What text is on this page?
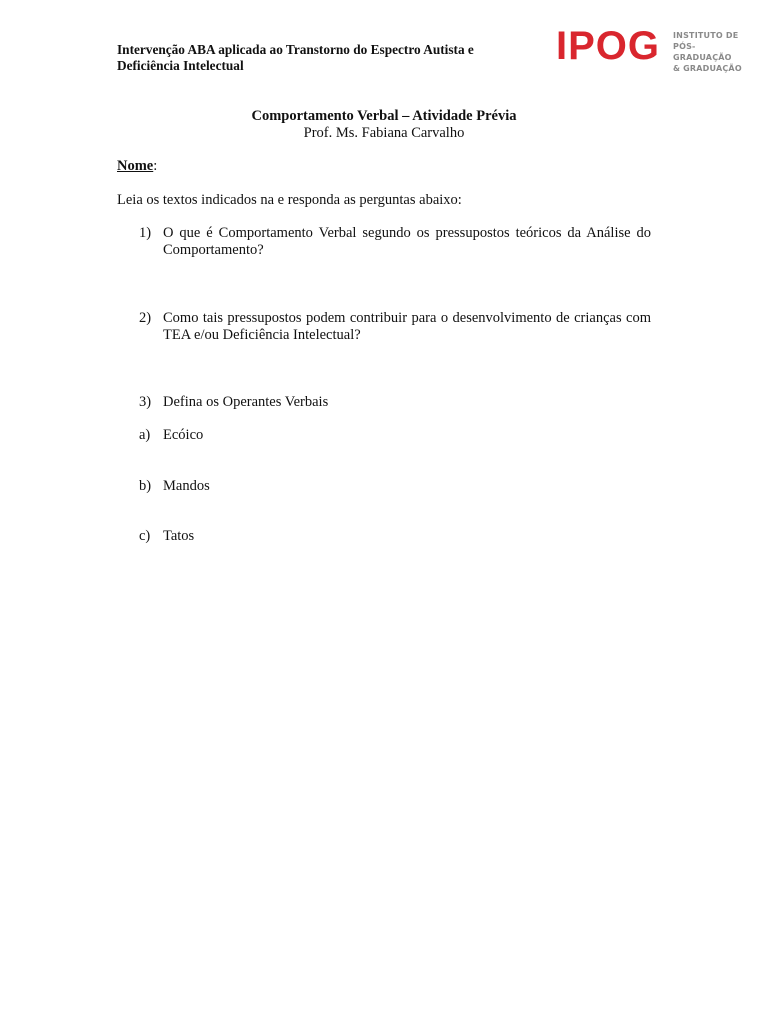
Intervenção ABA aplicada ao Transtorno do Espectro Autista e Deficiência Intelectual	IPOG INSTITUTO DE
PÓS-GRADUAÇÃO
& GRADUAÇÃO
Comportamento Verbal – Atividade Prévia
Prof. Ms. Fabiana Carvalho
Nome:
Leia os textos indicados na e responda as perguntas abaixo:
1) O que é Comportamento Verbal segundo os pressupostos teóricos da Análise do Comportamento?
2) Como tais pressupostos podem contribuir para o desenvolvimento de crianças com TEA e/ou Deficiência Intelectual?
3) Defina os Operantes Verbais
a) Ecóico
b) Mandos
c) Tatos
